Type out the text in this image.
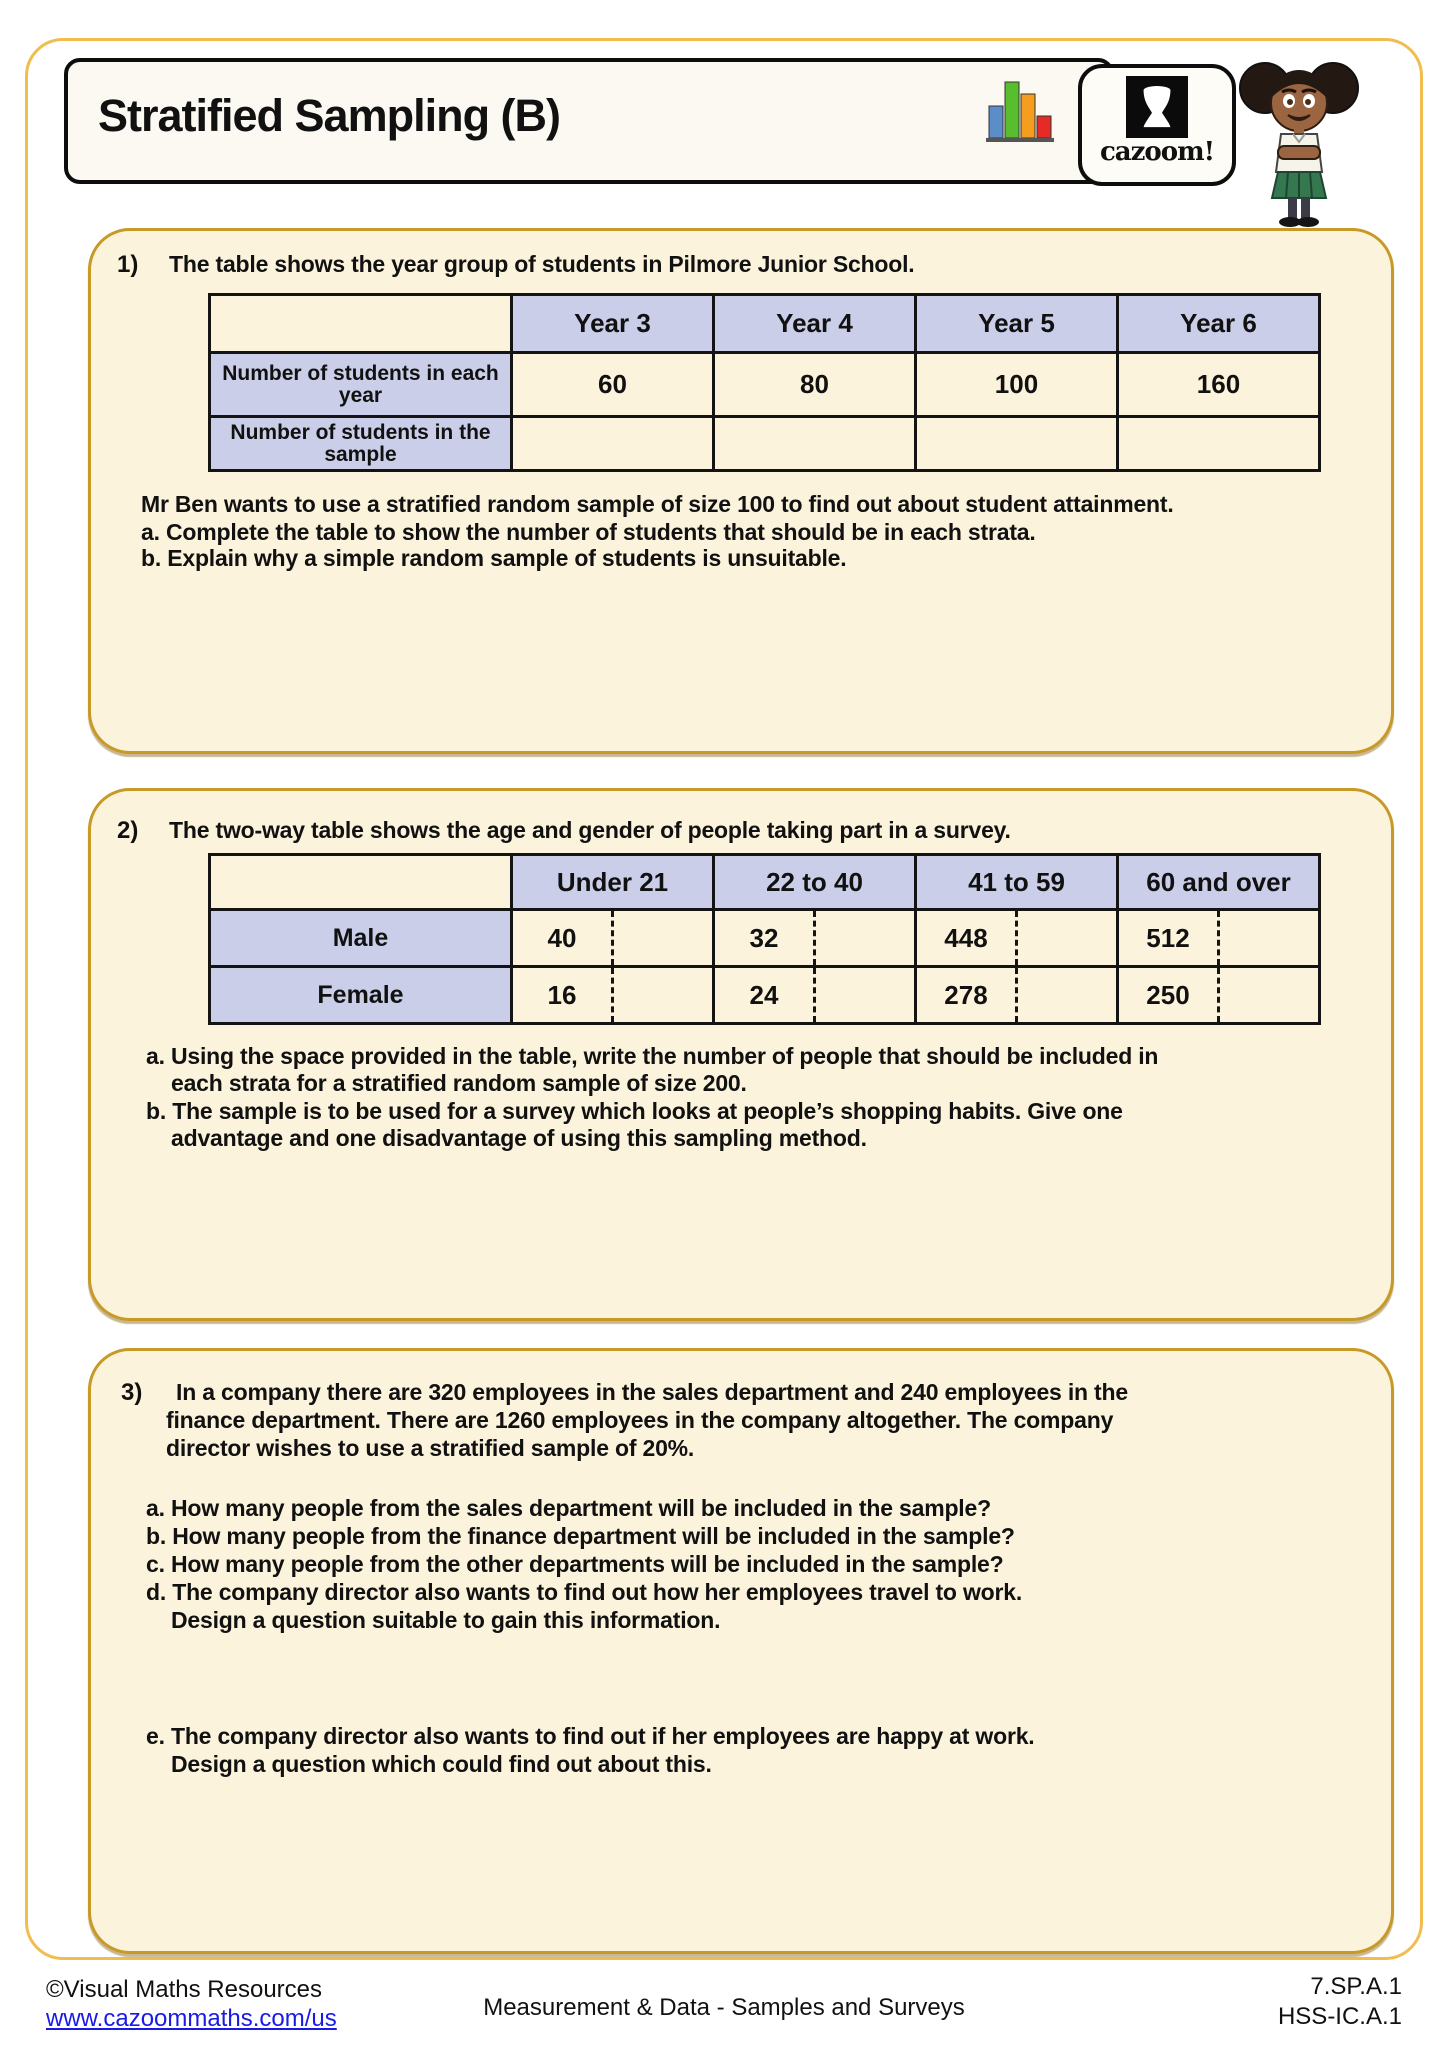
Stratified Sampling (B)
cazoom!
1) The table shows the year group of students in Pilmore Junior School.
	Year 3	Year 4	Year 5	Year 6
Number of students in each year	60	80	100	160
Number of students in the sample				
Mr Ben wants to use a stratified random sample of size 100 to find out about student attainment.
a. Complete the table to show the number of students that should be in each strata.
b. Explain why a simple random sample of students is unsuitable.
2) The two-way table shows the age and gender of people taking part in a survey.
	Under 21	22 to 40	41 to 59	60 and over
Male	40	32	448	512

Female	16	24	278	250
a. Using the space provided in the table, write the number of people that should be included in
each strata for a stratified random sample of size 200.
b. The sample is to be used for a survey which looks at people’s shopping habits. Give one
advantage and one disadvantage of using this sampling method.
3) In a company there are 320 employees in the sales department and 240 employees in the
finance department. There are 1260 employees in the company altogether. The company
director wishes to use a stratified sample of 20%.
a. How many people from the sales department will be included in the sample?
b. How many people from the finance department will be included in the sample?
c. How many people from the other departments will be included in the sample?
d. The company director also wants to find out how her employees travel to work.
Design a question suitable to gain this information.
e. The company director also wants to find out if her employees are happy at work.
Design a question which could find out about this.
©Visual Maths Resources
www.cazoommaths.com/us	Measurement & Data - Samples and Surveys
7.SP.A.1
HSS-IC.A.1
